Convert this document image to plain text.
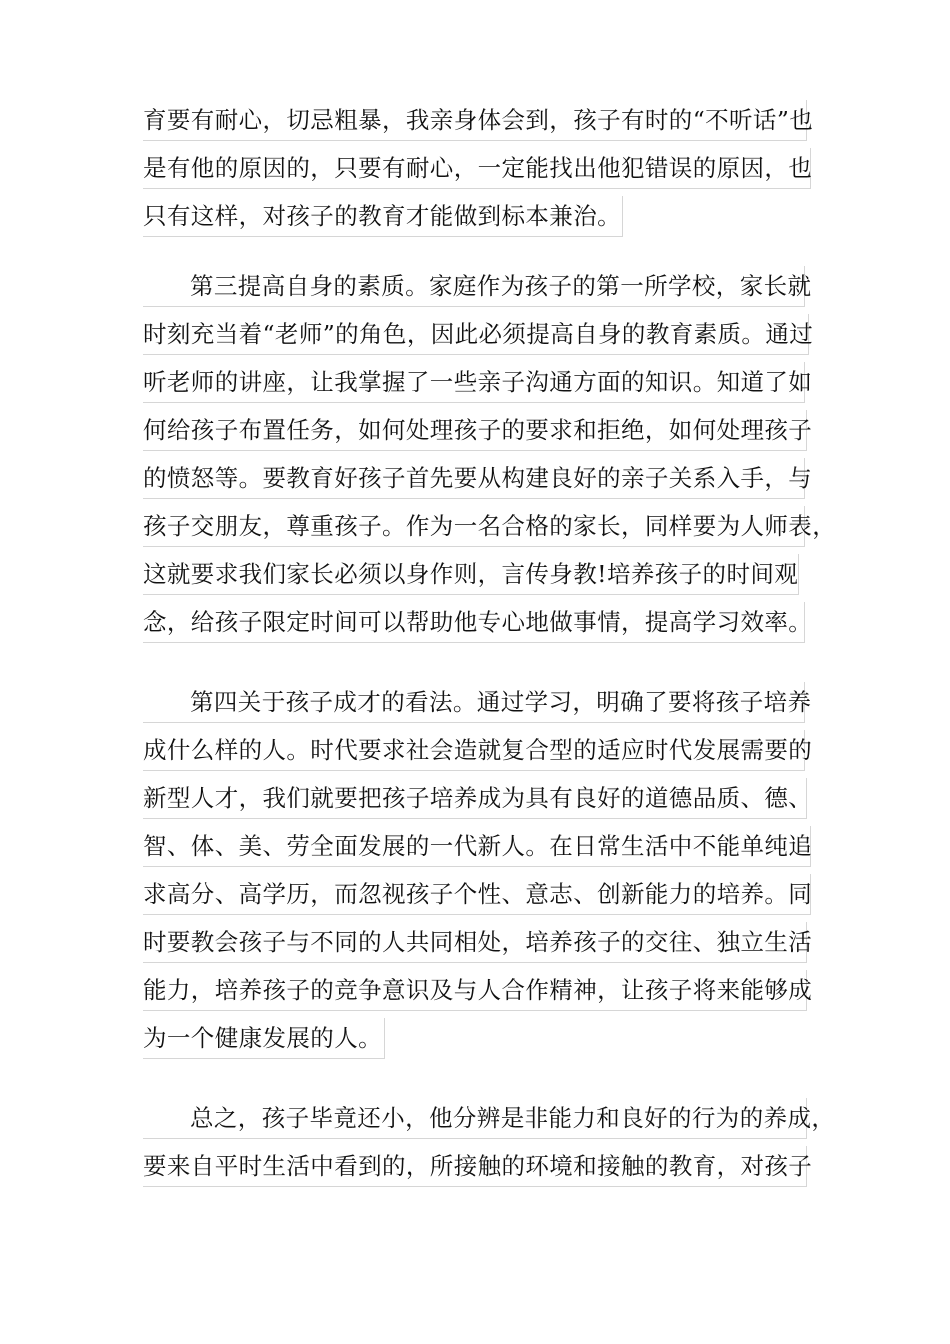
育要有耐心，切忌粗暴，我亲身体会到，孩子有时的“不听话”也
是有他的原因的，只要有耐心，一定能找出他犯错误的原因，也
只有这样，对孩子的教育才能做到标本兼治。
第三提高自身的素质。家庭作为孩子的第一所学校，家长就
时刻充当着“老师”的角色，因此必须提高自身的教育素质。通过
听老师的讲座，让我掌握了一些亲子沟通方面的知识。知道了如
何给孩子布置任务，如何处理孩子的要求和拒绝，如何处理孩子
的愤怒等。要教育好孩子首先要从构建良好的亲子关系入手，与
孩子交朋友，尊重孩子。作为一名合格的家长，同样要为人师表，
这就要求我们家长必须以身作则，言传身教!培养孩子的时间观
念，给孩子限定时间可以帮助他专心地做事情，提高学习效率。
第四关于孩子成才的看法。通过学习，明确了要将孩子培养
成什么样的人。时代要求社会造就复合型的适应时代发展需要的
新型人才，我们就要把孩子培养成为具有良好的道德品质、德、
智、体、美、劳全面发展的一代新人。在日常生活中不能单纯追
求高分、高学历，而忽视孩子个性、意志、创新能力的培养。同
时要教会孩子与不同的人共同相处，培养孩子的交往、独立生活
能力，培养孩子的竞争意识及与人合作精神，让孩子将来能够成
为一个健康发展的人。
总之，孩子毕竟还小，他分辨是非能力和良好的行为的养成，
要来自平时生活中看到的，所接触的环境和接触的教育，对孩子
